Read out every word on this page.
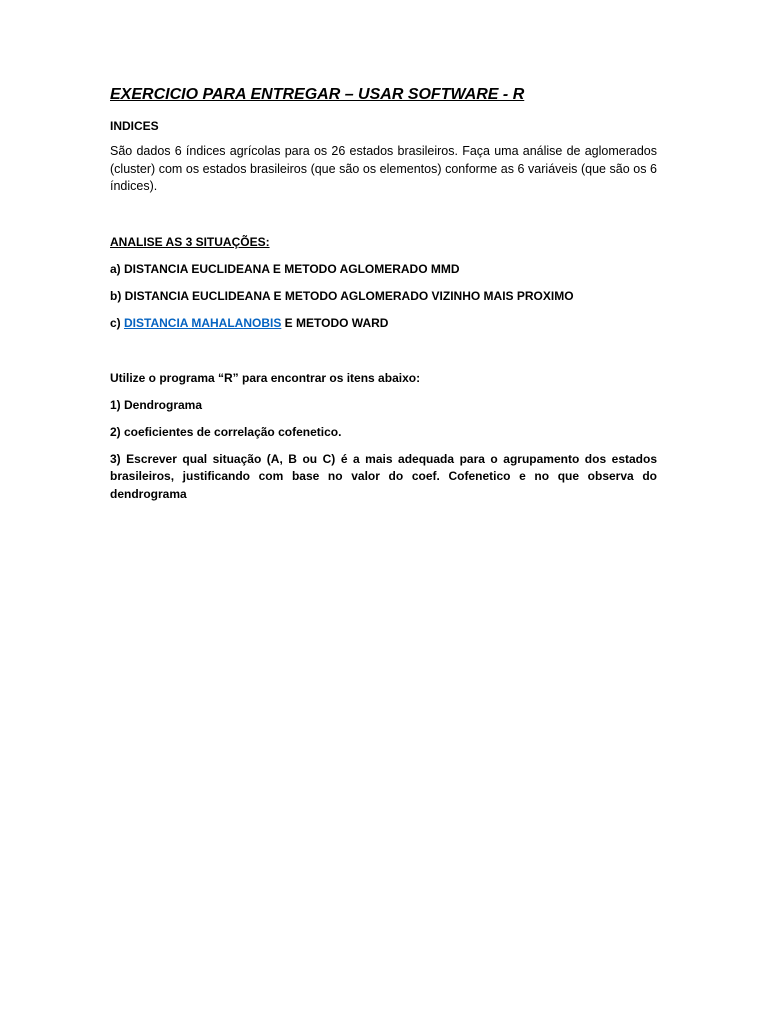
EXERCICIO PARA ENTREGAR – USAR SOFTWARE - R
INDICES

São dados 6 índices agrícolas para os 26 estados brasileiros. Faça uma análise de aglomerados (cluster) com os estados brasileiros (que são os elementos) conforme as 6 variáveis (que são os 6 índices).

ANALISE AS 3 SITUAÇÕES:
a) DISTANCIA EUCLIDEANA E METODO AGLOMERADO MMD
b) DISTANCIA EUCLIDEANA E METODO AGLOMERADO VIZINHO MAIS PROXIMO
c) DISTANCIA MAHALANOBIS E METODO WARD
Utilize o programa “R” para encontrar os itens abaixo:
1) Dendrograma
2) coeficientes de correlação cofenetico.

3) Escrever qual situação (A, B ou C) é a mais adequada para o agrupamento dos estados brasileiros, justificando com base no valor do coef. Cofenetico e no que observa do dendrograma
